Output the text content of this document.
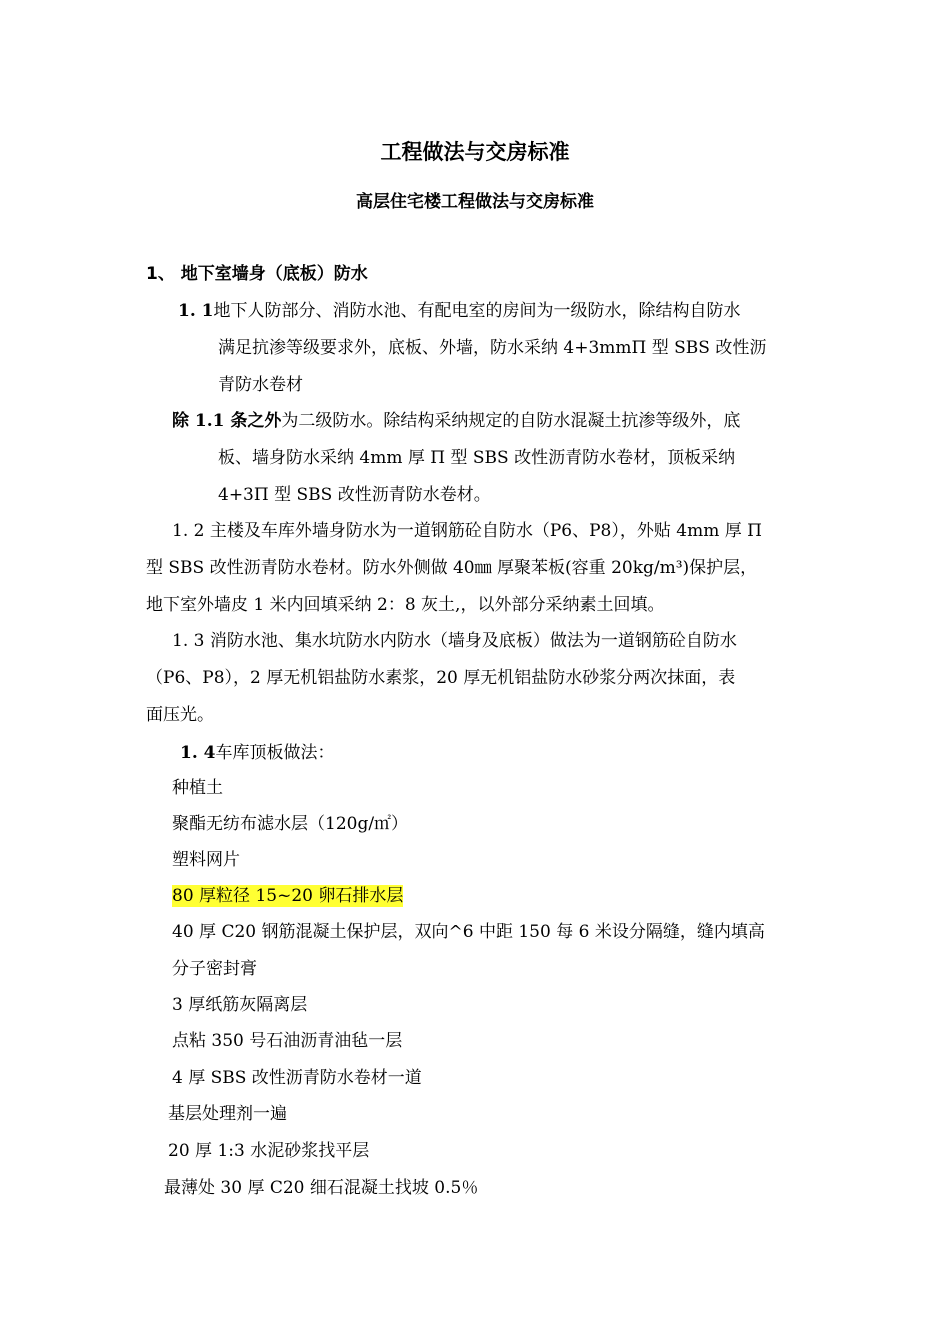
工程做法与交房标准
高层住宅楼工程做法与交房标准
1、 地下室墙身（底板）防水
1. 1地下人防部分、消防水池、有配电室的房间为一级防水，除结构自防水
满足抗渗等级要求外，底板、外墙，防水采纳 4+3mmП 型 SBS 改性沥
青防水卷材
除 1.1 条之外为二级防水。除结构采纳规定的自防水混凝土抗渗等级外，底
板、墙身防水采纳 4mm 厚 П 型 SBS 改性沥青防水卷材，顶板采纳
4+3П 型 SBS 改性沥青防水卷材。
1. 2 主楼及车库外墙身防水为一道钢筋砼自防水（P6、P8），外贴 4mm 厚 П
型 SBS 改性沥青防水卷材。防水外侧做 40㎜ 厚聚苯板(容重 20kg/m³)保护层，
地下室外墙皮 1 米内回填采纳 2：8 灰土,，以外部分采纳素土回填。
1. 3 消防水池、集水坑防水内防水（墙身及底板）做法为一道钢筋砼自防水
（P6、P8），2 厚无机铝盐防水素浆，20 厚无机铝盐防水砂浆分两次抹面，表
面压光。
1. 4车库顶板做法：
种植土
聚酯无纺布滤水层（120g/㎡）
塑料网片
80 厚粒径 15~20 卵石排水层
40 厚 C20 钢筋混凝土保护层，双向^6 中距 150 每 6 米设分隔缝，缝内填高
分子密封膏
3 厚纸筋灰隔离层
点粘 350 号石油沥青油毡一层
4 厚 SBS 改性沥青防水卷材一道
基层处理剂一遍
20 厚 1:3 水泥砂浆找平层
最薄处 30 厚 C20 细石混凝土找坡 0.5％
